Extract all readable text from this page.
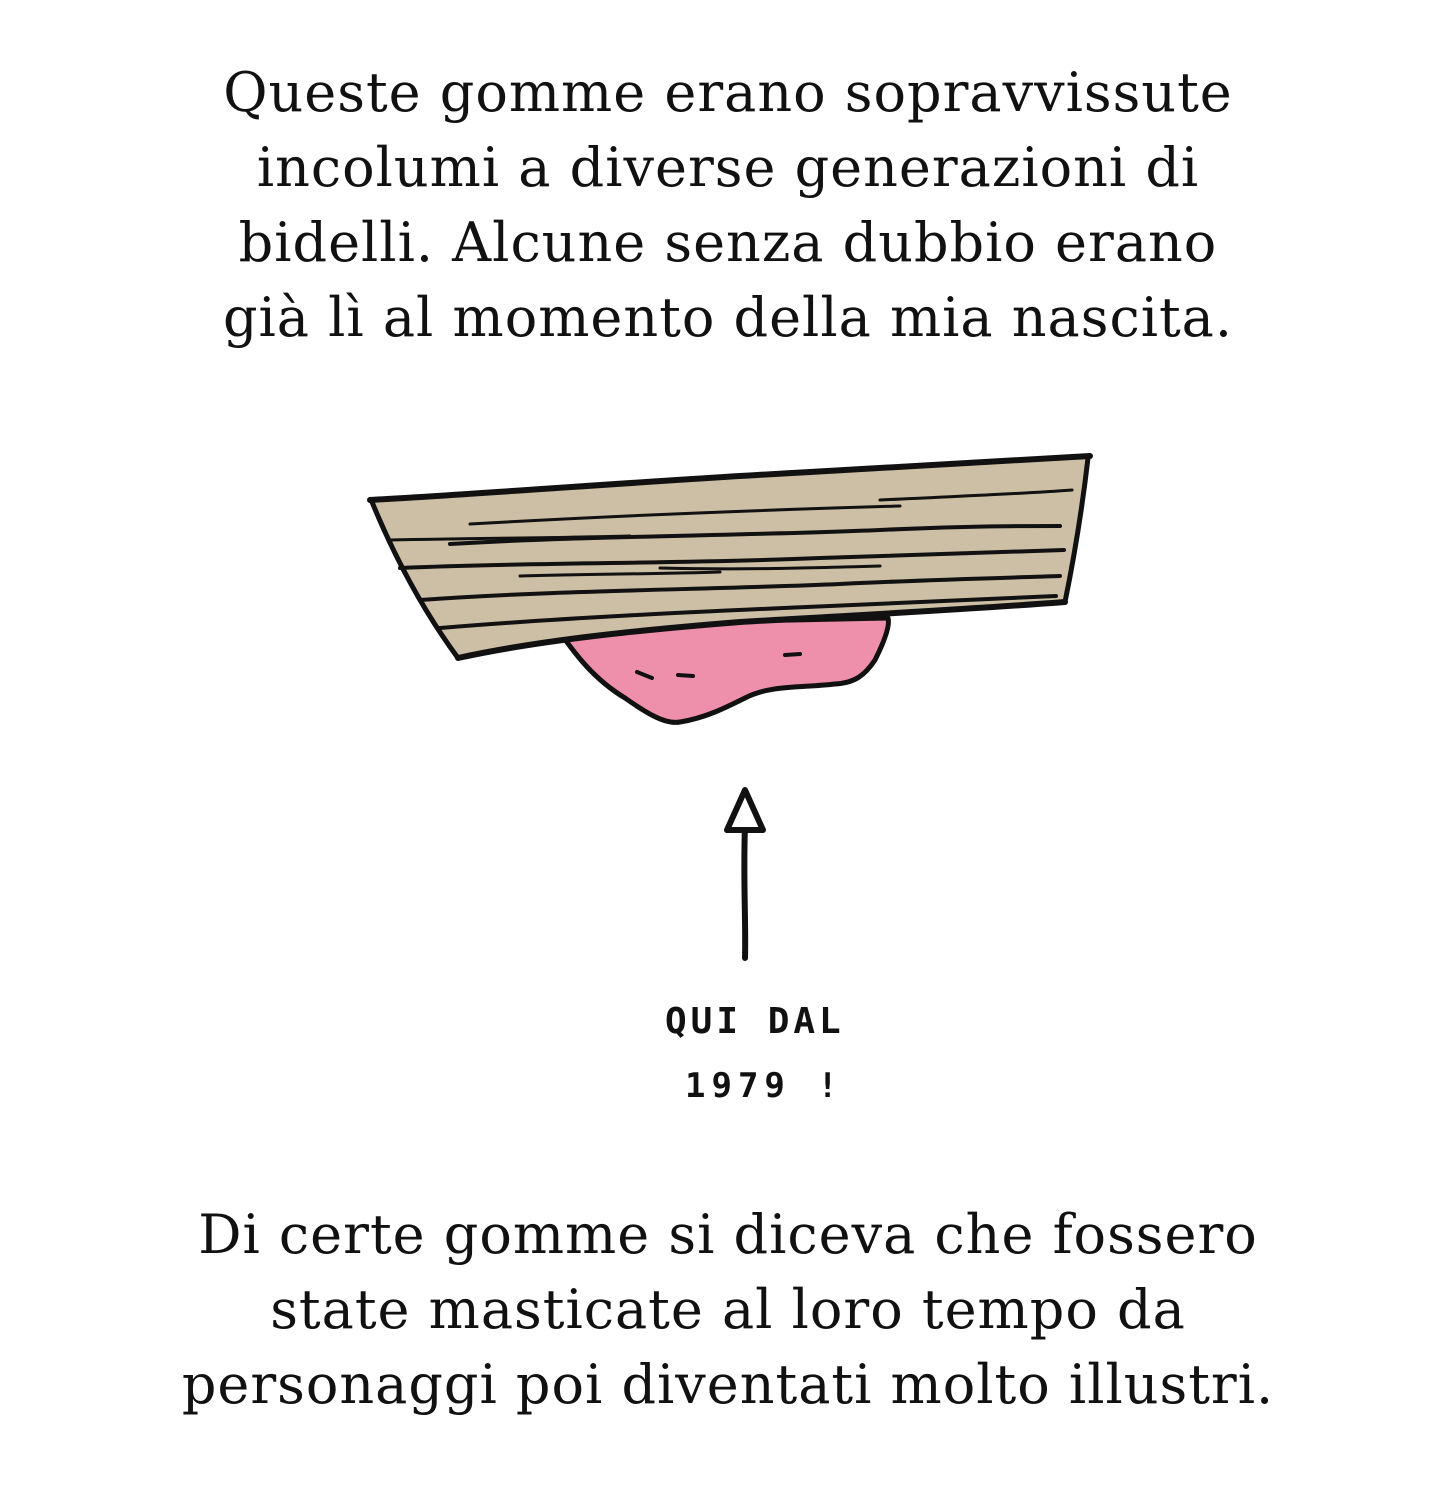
Queste gomme erano sopravvissute
incolumi a diverse generazioni di
bidelli. Alcune senza dubbio erano
già lì al momento della mia nascita.

QUI DAL
1979 !

Di certe gomme si diceva che fossero
state masticate al loro tempo da
personaggi poi diventati molto illustri.
